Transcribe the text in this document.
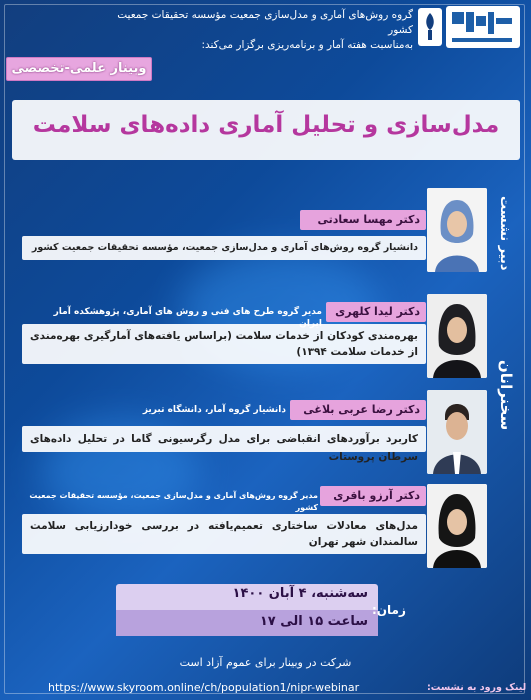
گروه روش‌های آماری و مدل‌سازی جمعیت مؤسسه تحقیقات جمعیت کشور
به‌مناسبت هفته آمار و برنامه‌ریزی برگزار می‌کند:
وبینار علمی-تخصصی
مدل‌سازی و تحلیل آماری داده‌های سلامت
دبیر نشست
سخنرانان
دکتر مهسا سعادتی
دانشیار گروه روش‌های آماری و مدل‌سازی جمعیت، مؤسسه تحقیقات جمعیت کشور
دکتر لیدا کلهری
مدیر گروه طرح های فنی و روش های آماری، پژوهشکده آمار
بهره‌مندی کودکان از خدمات سلامت (براساس یافته‌های آمارگیری بهره‌مندی از خدمات سلامت ۱۳۹۴)
دکتر رضا عربی بلاغی
دانشیار گروه آمار، دانشگاه تبریز
کاربرد برآوردهای انقباضی برای مدل رگرسیونی گاما در تحلیل داده‌های سرطان پروستات
دکتر آرزو باقری
مدیر گروه روش‌های آماری و مدل‌سازی جمعیت، مؤسسه تحقیقات جمعیت کشور
مدل‌های معادلات ساختاری تعمیم‌یافته در بررسی خودارزیابی سلامت سالمندان شهر تهران
سه‌شنبه، ۴ آبان ۱۴۰۰
ساعت ۱۵ الی ۱۷
زمان:
شرکت در وبینار برای عموم آزاد است
لینک ورود به نشست:
https://www.skyroom.online/ch/population1/nipr-webinar
